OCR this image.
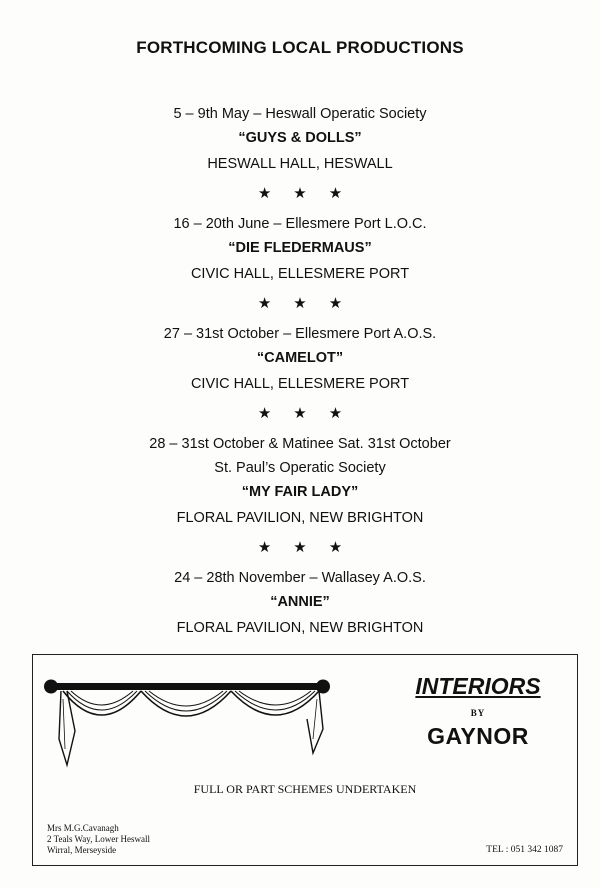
FORTHCOMING LOCAL PRODUCTIONS
5 – 9th May – Heswall Operatic Society
“GUYS & DOLLS”
HESWALL HALL, HESWALL
★★★
16 – 20th June – Ellesmere Port L.O.C.
“DIE FLEDERMAUS”
CIVIC HALL, ELLESMERE PORT
★★★
27 – 31st October – Ellesmere Port A.O.S.
“CAMELOT”
CIVIC HALL, ELLESMERE PORT
★★★
28 – 31st October & Matinee Sat. 31st October
St. Paul’s Operatic Society
“MY FAIR LADY”
FLORAL PAVILION, NEW BRIGHTON
★★★
24 – 28th November – Wallasey A.O.S.
“ANNIE”
FLORAL PAVILION, NEW BRIGHTON
INTERIORS
BY
GAYNOR
FULL OR PART SCHEMES UNDERTAKEN
Mrs M.G.Cavanagh
2 Teals Way, Lower Heswall
Wirral, Merseyside	TEL : 051 342 1087
